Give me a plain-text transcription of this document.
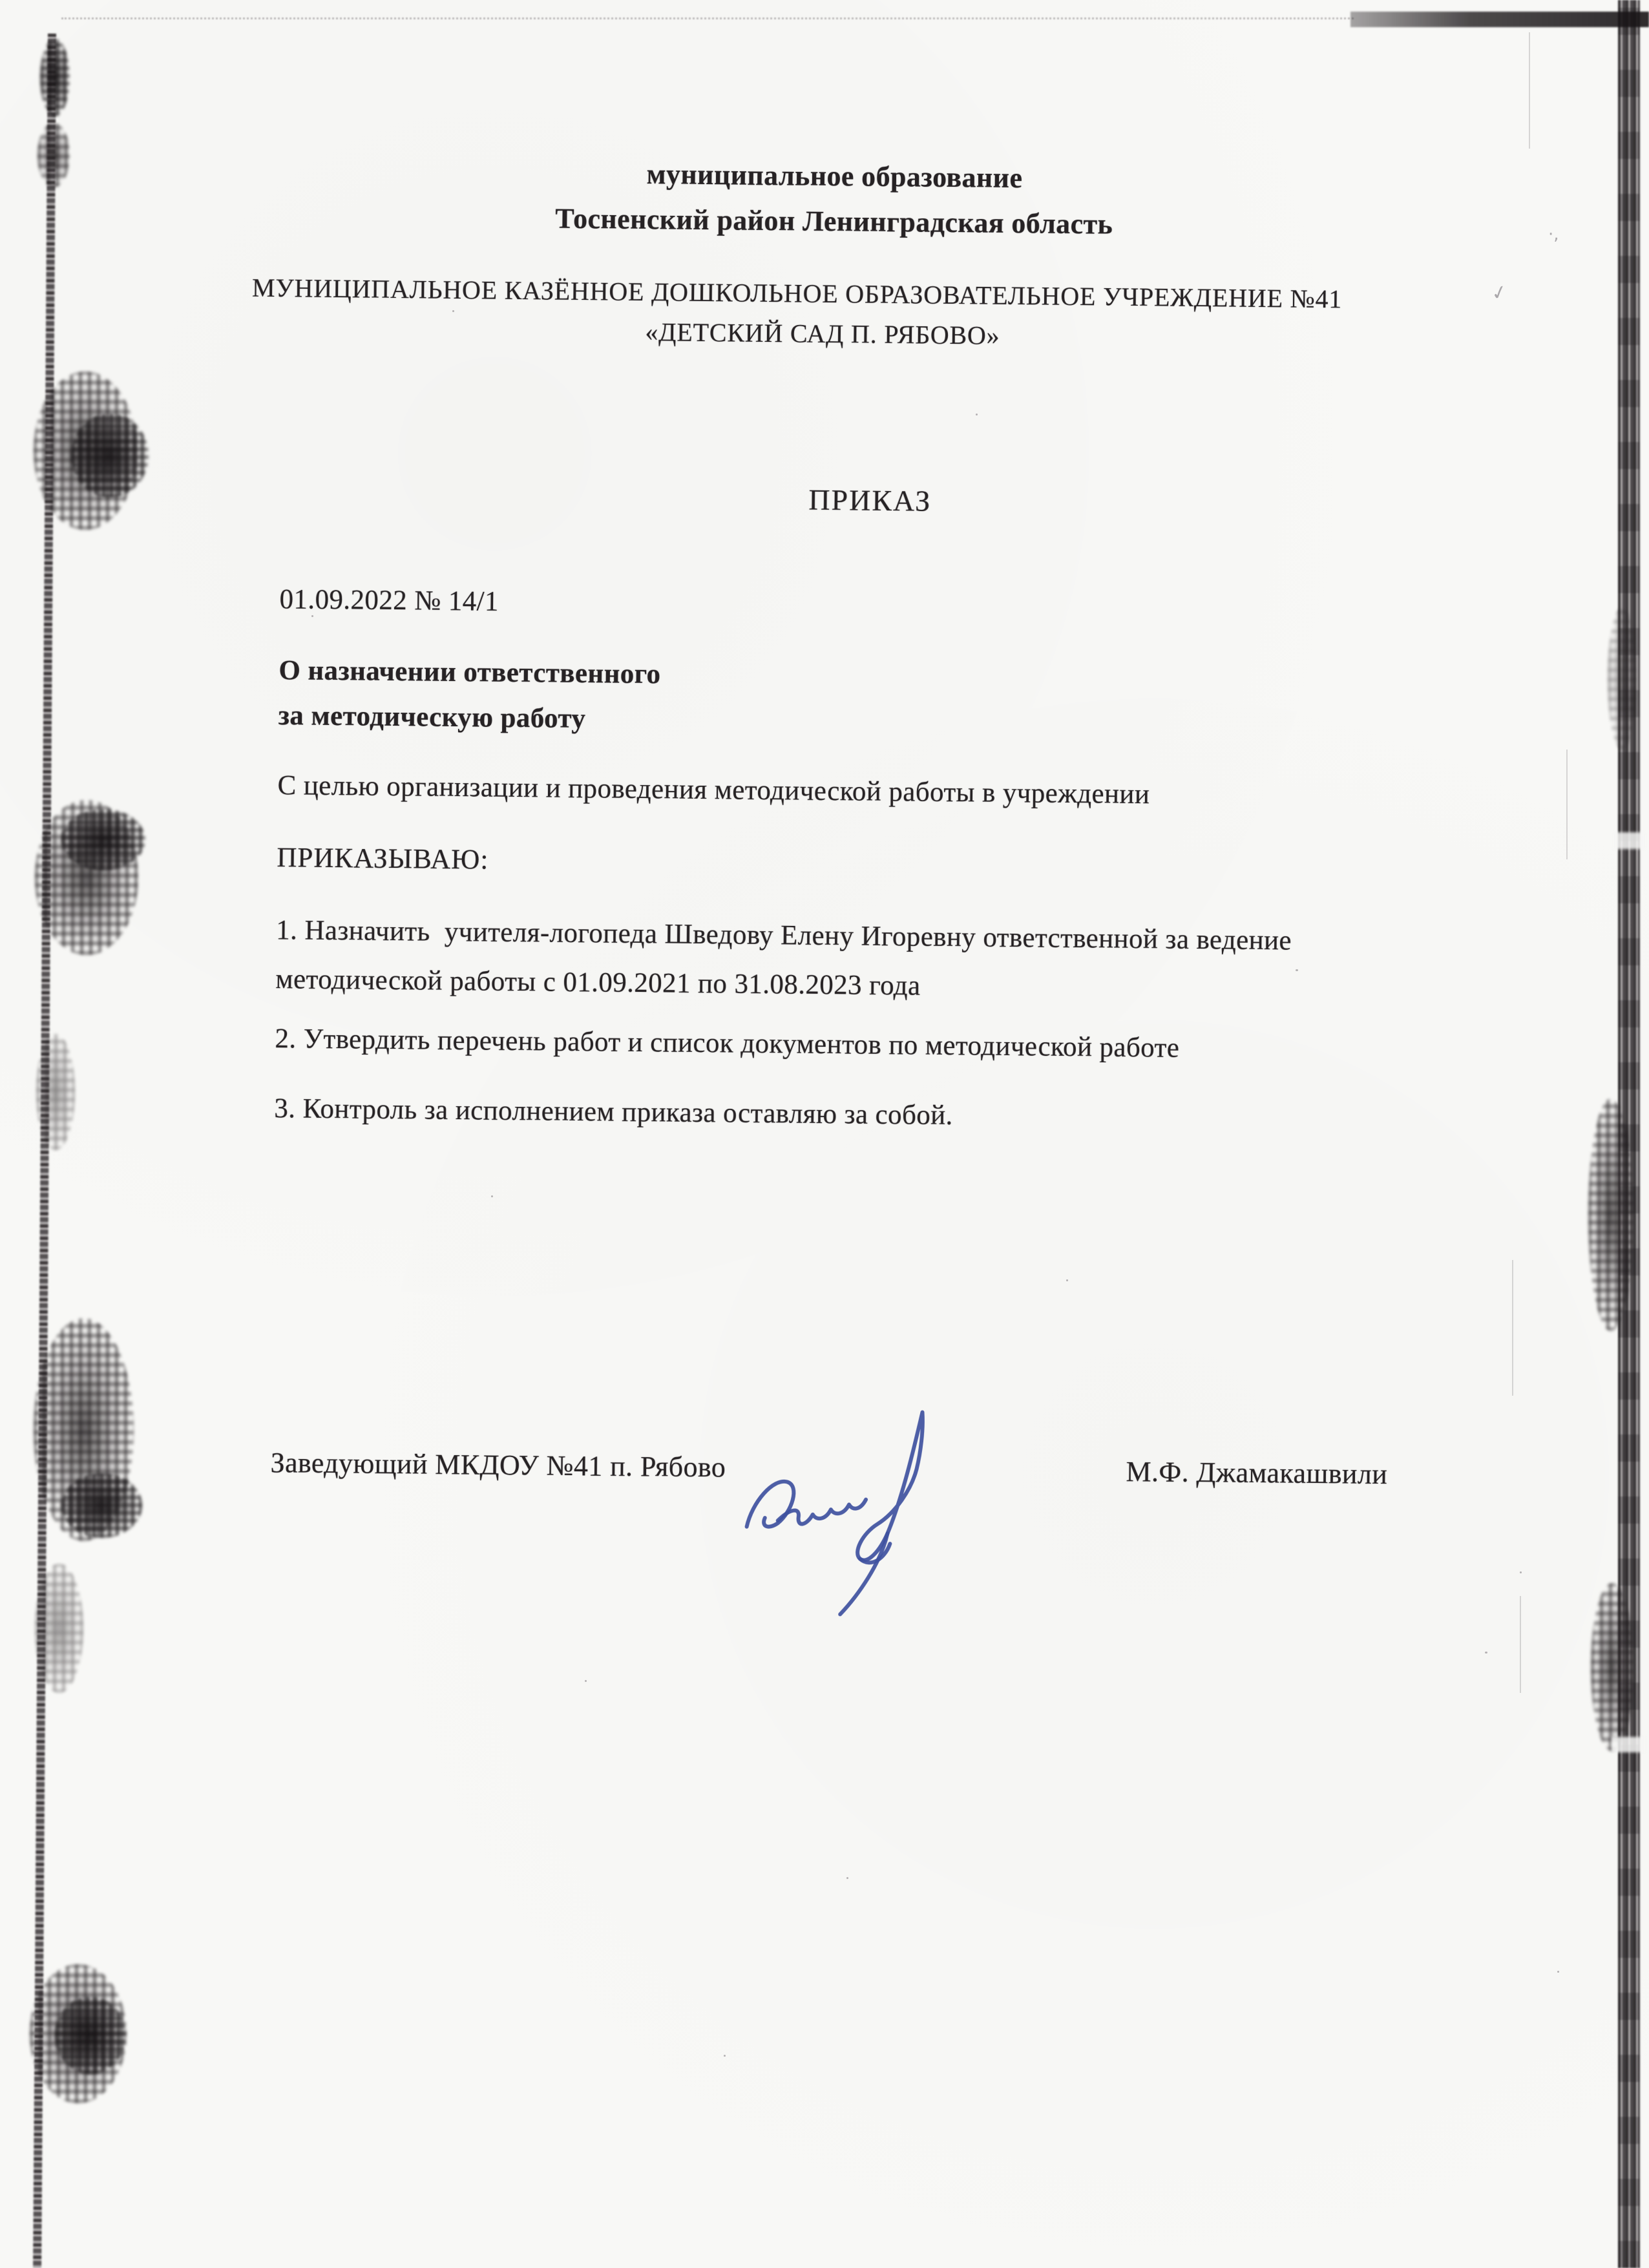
муниципальное образование
Тосненский район Ленинградская область
МУНИЦИПАЛЬНОЕ КАЗЁННОЕ ДОШКОЛЬНОЕ ОБРАЗОВАТЕЛЬНОЕ УЧРЕЖДЕНИЕ №41
«ДЕТСКИЙ САД П. РЯБОВО»
ПРИКАЗ
01.09.2022 № 14/1
О назначении ответственного
за методическую работу
С целью организации и проведения методической работы в учреждении
ПРИКАЗЫВАЮ:
1. Назначить  учителя-логопеда Шведову Елену Игоревну ответственной за ведение
методической работы с 01.09.2021 по 31.08.2023 года
2. Утвердить перечень работ и список документов по методической работе
3. Контроль за исполнением приказа оставляю за собой.
Заведующий МКДОУ №41 п. Рябово	М.Ф. Джамакашвили
✓
·,
